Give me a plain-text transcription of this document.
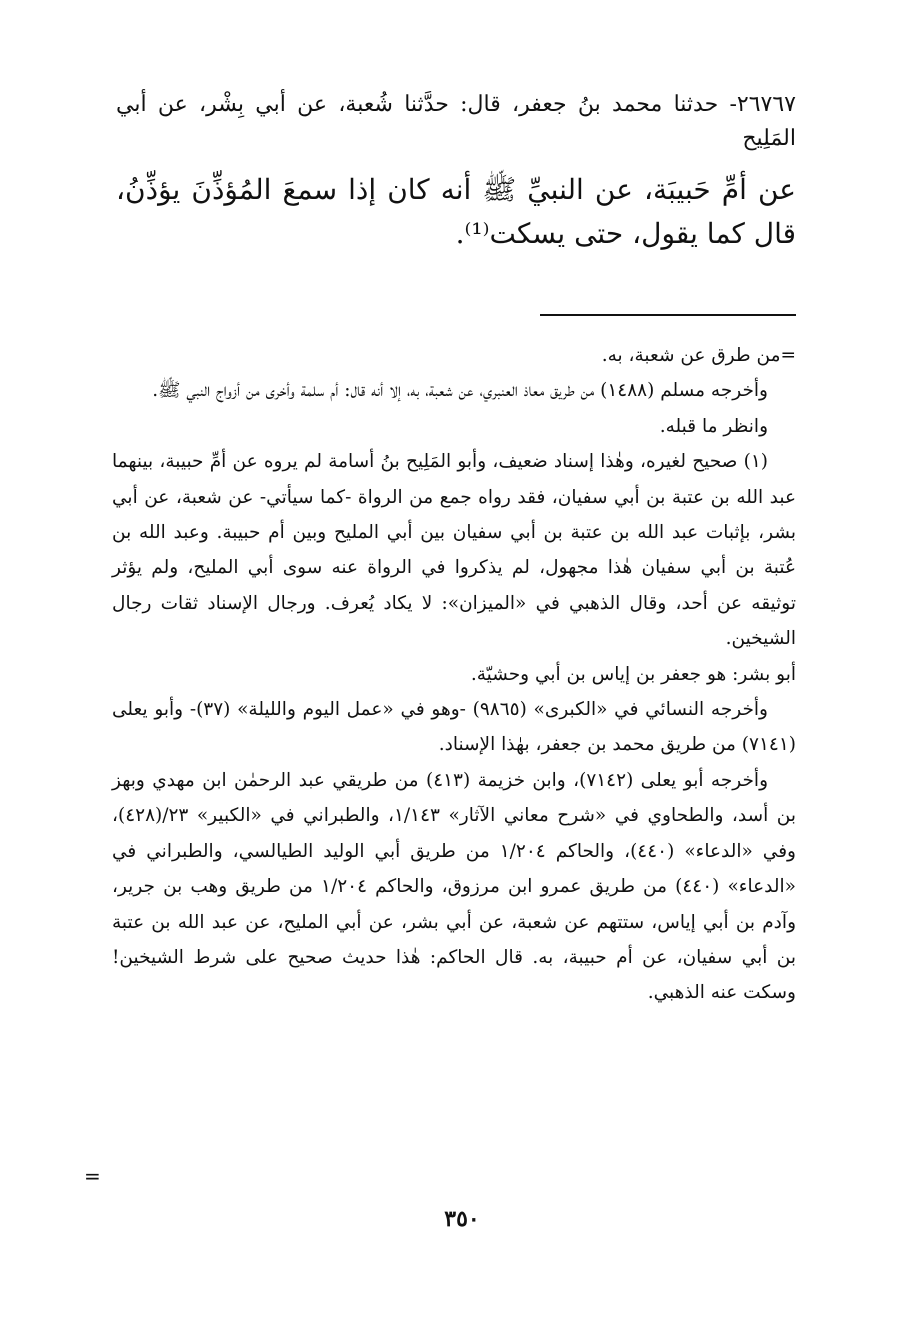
٢٦٧٦٧- حدثنا محمد بنُ جعفر، قال: حدَّثنا شُعبة، عن أبي بِشْر، عن أبي المَلِيح

عن أمِّ حَبيبَة، عن النبيِّ ﷺ أنه كان إذا سمعَ المُؤذِّنَ يؤذِّنُ، قال كما يقول، حتى يسكت⁽¹⁾.

=من طرق عن شعبة، به.

وأخرجه مسلم (١٤٨٨) من طريق معاذ العنبري، عن شعبة، به، إلا أنه قال: أم سلمة وأخرى من أزواج النبي ﷺ.

وانظر ما قبله.

(١) صحيح لغيره، وهٰذا إسناد ضعيف، وأبو المَلِيح بنُ أسامة لم يروه عن أمِّ حبيبة، بينهما عبد الله بن عتبة بن أبي سفيان، فقد رواه جمع من الرواة -كما سيأتي- عن شعبة، عن أبي بشر، بإثبات عبد الله بن عتبة بن أبي سفيان بين أبي المليح وبين أم حبيبة. وعبد الله بن عُتبة بن أبي سفيان هٰذا مجهول، لم يذكروا في الرواة عنه سوى أبي المليح، ولم يؤثر توثيقه عن أحد، وقال الذهبي في «الميزان»: لا يكاد يُعرف. ورجال الإسناد ثقات رجال الشيخين.

أبو بشر: هو جعفر بن إياس بن أبي وحشيّة.

وأخرجه النسائي في «الكبرى» (٩٨٦٥) -وهو في «عمل اليوم والليلة» (٣٧)- وأبو يعلى (٧١٤١) من طريق محمد بن جعفر، بهٰذا الإسناد.

وأخرجه أبو يعلى (٧١٤٢)، وابن خزيمة (٤١٣) من طريقي عبد الرحمٰن ابن مهدي وبهز بن أسد، والطحاوي في «شرح معاني الآثار» ١/١٤٣، والطبراني في «الكبير» ٢٣/(٤٢٨)، وفي «الدعاء» (٤٤٠)، والحاكم ١/٢٠٤ من طريق أبي الوليد الطيالسي، والطبراني في «الدعاء» (٤٤٠) من طريق عمرو ابن مرزوق، والحاكم ١/٢٠٤ من طريق وهب بن جرير، وآدم بن أبي إياس، ستتهم عن شعبة، عن أبي بشر، عن أبي المليح، عن عبد الله بن عتبة بن أبي سفيان، عن أم حبيبة، به. قال الحاكم: هٰذا حديث صحيح على شرط الشيخين! وسكت عنه الذهبي.

=
٣٥٠
